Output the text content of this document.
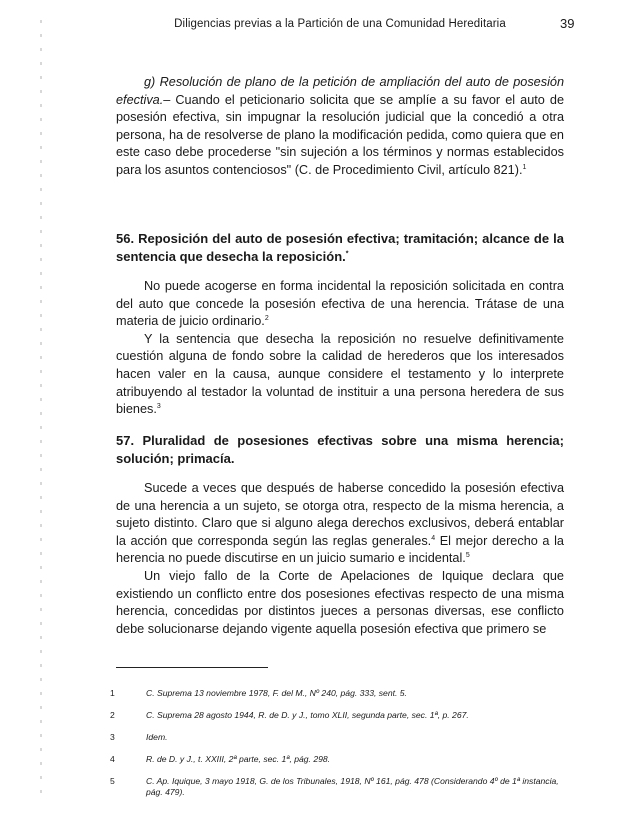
Diligencias previas a la Partición de una Comunidad Hereditaria	39

g) Resolución de plano de la petición de ampliación del auto de posesión efectiva.– Cuando el peticionario solicita que se amplíe a su favor el auto de posesión efectiva, sin impugnar la resolución judicial que la concedió a otra persona, ha de resolverse de plano la modificación pedida, como quiera que en este caso debe procederse "sin sujeción a los términos y normas establecidos para los asuntos contenciosos" (C. de Procedimiento Civil, artículo 821).$^1$

56. Reposición del auto de posesión efectiva; tramitación; alcance de la sentencia que desecha la reposición.*

No puede acogerse en forma incidental la reposición solicitada en contra del auto que concede la posesión efectiva de una herencia. Trátase de una materia de juicio ordinario.$^2$

Y la sentencia que desecha la reposición no resuelve definitivamente cuestión alguna de fondo sobre la calidad de herederos que los interesados hacen valer en la causa, aunque considere el testamento y lo interprete atribuyendo al testador la voluntad de instituir a una persona heredera de sus bienes.$^3$

57. Pluralidad de posesiones efectivas sobre una misma herencia; solución; primacía.

Sucede a veces que después de haberse concedido la posesión efectiva de una herencia a un sujeto, se otorga otra, respecto de la misma herencia, a sujeto distinto. Claro que si alguno alega derechos exclusivos, deberá entablar la acción que corresponda según las reglas generales.$^4$ El mejor derecho a la herencia no puede discutirse en un juicio sumario e incidental.$^5$

Un viejo fallo de la Corte de Apelaciones de Iquique declara que existiendo un conflicto entre dos posesiones efectivas respecto de una misma herencia, concedidas por distintos jueces a personas diversas, ese conflicto debe solucionarse dejando vigente aquella posesión efectiva que primero se

1	C. Suprema 13 noviembre 1978, F. del M., Nº 240, pág. 333, sent. 5.
2	C. Suprema 28 agosto 1944, R. de D. y J., tomo XLII, segunda parte, sec. 1ª, p. 267.
3	Idem.
4	R. de D. y J., t. XXIII, 2ª parte, sec. 1ª, pág. 298.
5	C. Ap. Iquique, 3 mayo 1918, G. de los Tribunales, 1918, Nº 161, pág. 478 (Considerando 4º de 1ª instancia, pág. 479).
